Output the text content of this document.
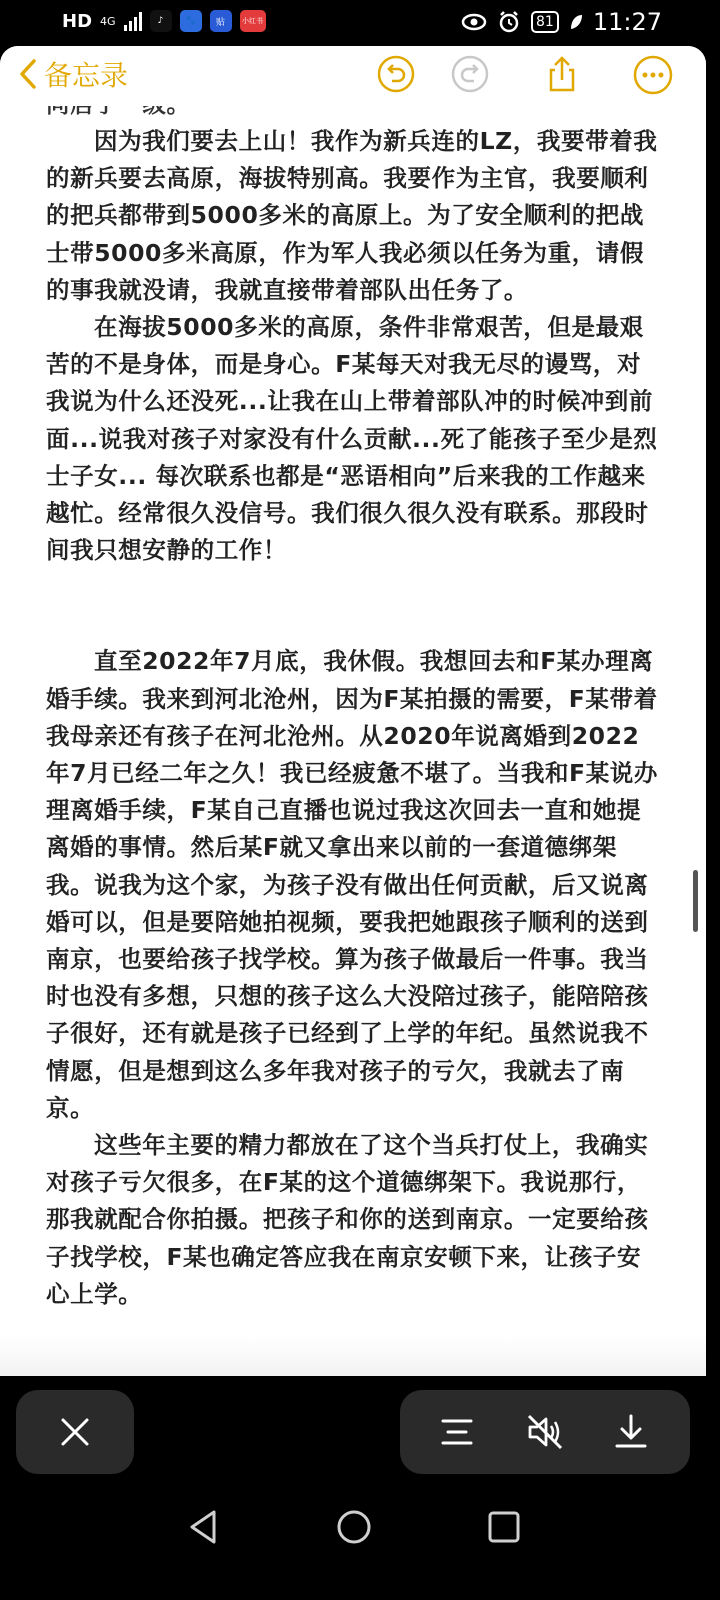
HD 4G	♪	🐾	贴	小红书	81 11:27
备忘录

因为我们要去上山！我作为新兵连的LZ，我要带着我的新兵要去高原，海拔特别高。我要作为主官，我要顺利的把兵都带到5000多米的高原上。为了安全顺利的把战士带5000多米高原，作为军人我必须以任务为重，请假的事我就没请，我就直接带着部队出任务了。

在海拔5000多米的高原，条件非常艰苦，但是最艰苦的不是身体，而是身心。F某每天对我无尽的谩骂，对我说为什么还没死...让我在山上带着部队冲的时候冲到前面...说我对孩子对家没有什么贡献...死了能孩子至少是烈士子女... 每次联系也都是“恶语相向”后来我的工作越来越忙。经常很久没信号。我们很久很久没有联系。那段时间我只想安静的工作！

直至2022年7月底，我休假。我想回去和F某办理离婚手续。我来到河北沧州，因为F某拍摄的需要，F某带着我母亲还有孩子在河北沧州。从2020年说离婚到2022年7月已经二年之久！我已经疲惫不堪了。当我和F某说办理离婚手续，F某自己直播也说过我这次回去一直和她提离婚的事情。然后某F就又拿出来以前的一套道德绑架我。说我为这个家，为孩子没有做出任何贡献，后又说离婚可以，但是要陪她拍视频，要我把她跟孩子顺利的送到南京，也要给孩子找学校。算为孩子做最后一件事。我当时也没有多想，只想的孩子这么大没陪过孩子，能陪陪孩子很好，还有就是孩子已经到了上学的年纪。虽然说我不情愿，但是想到这么多年我对孩子的亏欠，我就去了南京。

这些年主要的精力都放在了这个当兵打仗上，我确实对孩子亏欠很多，在F某的这个道德绑架下。我说那行，那我就配合你拍摄。把孩子和你的送到南京。一定要给孩子找学校，F某也确定答应我在南京安顿下来，让孩子安心上学。
